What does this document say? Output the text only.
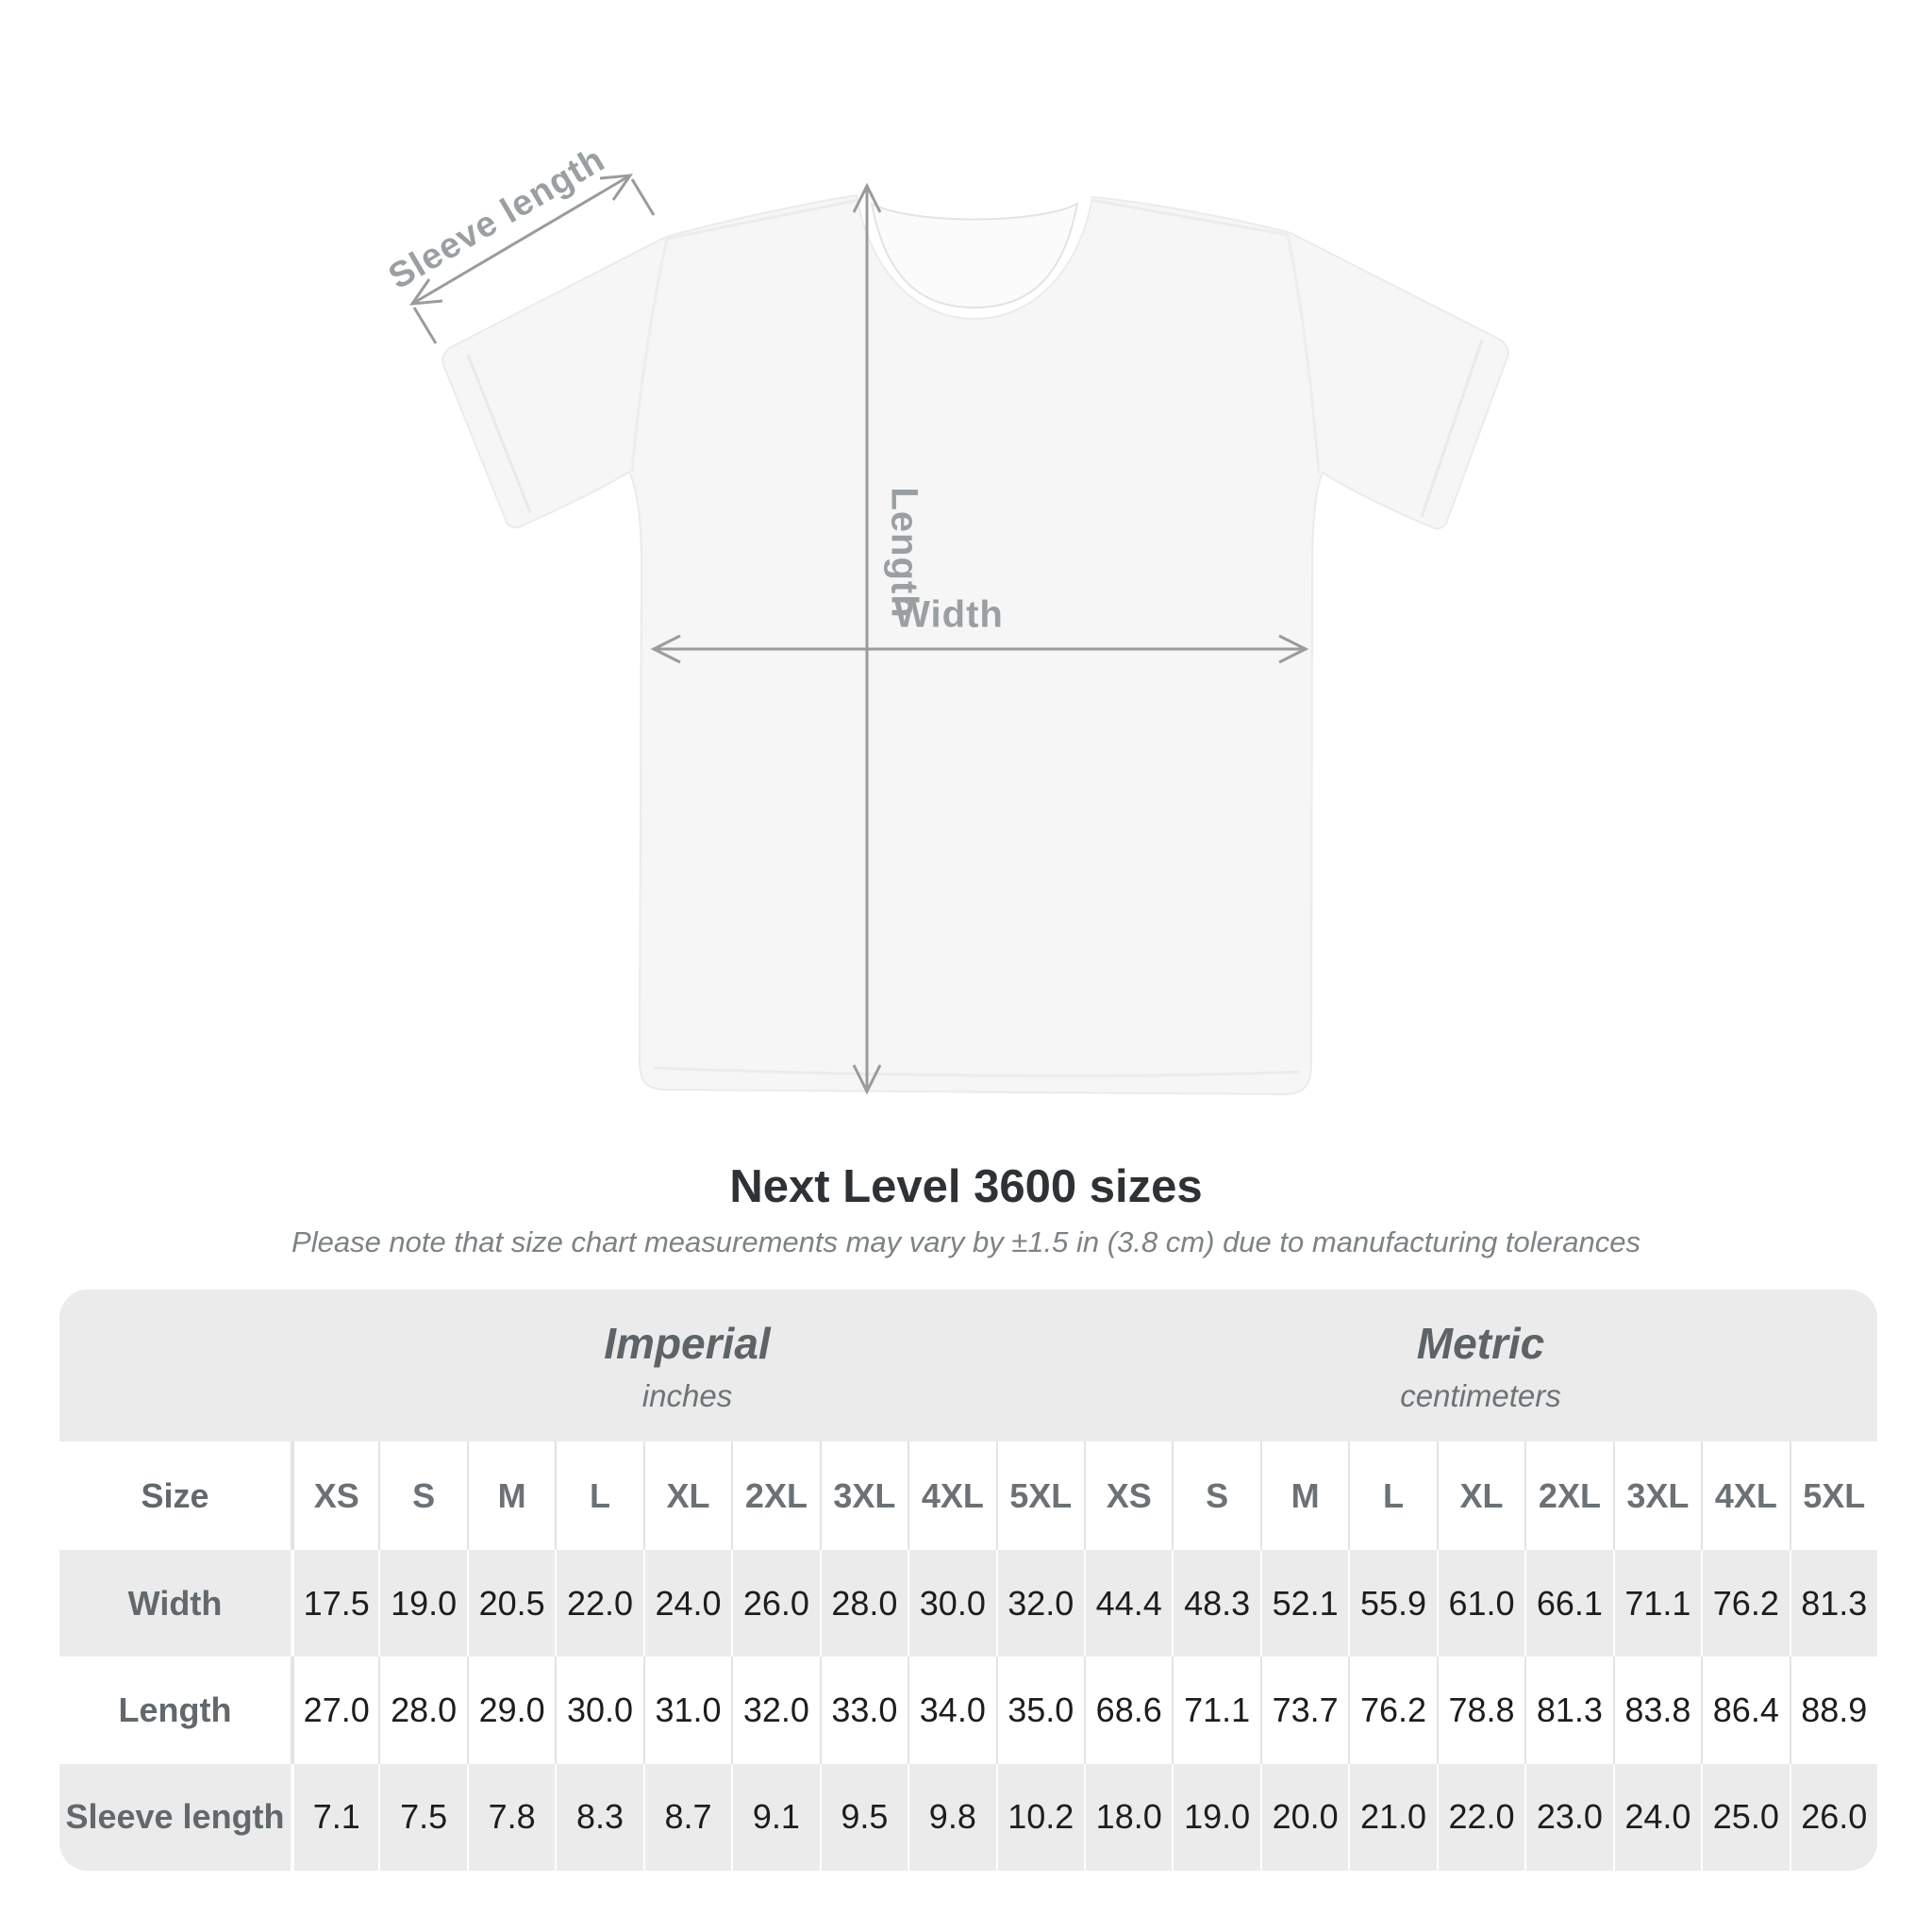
Sleeve length
Length
Width
Next Level 3600 sizes
Please note that size chart measurements may vary by ±1.5 in (3.8 cm) due to manufacturing tolerances
Imperial
inches
Metric
centimeters
Size	XS	S	M	L	XL	2XL 3XL 4XL 5XL	XS	S	M	L	XL	2XL 3XL 4XL 5XL
Width	17.5 19.0 20.5 22.0 24.0 26.0 28.0 30.0 32.0 44.4 48.3 52.1 55.9 61.0 66.1 71.1 76.2 81.3
Length	27.0 28.0 29.0 30.0 31.0 32.0 33.0 34.0 35.0 68.6 71.1 73.7 76.2 78.8 81.3 83.8 86.4 88.9
Sleeve length 7.1	7.5	7.8	8.3	8.7	9.1	9.5	9.8 10.2 18.0 19.0 20.0 21.0 22.0 23.0 24.0 25.0 26.0
